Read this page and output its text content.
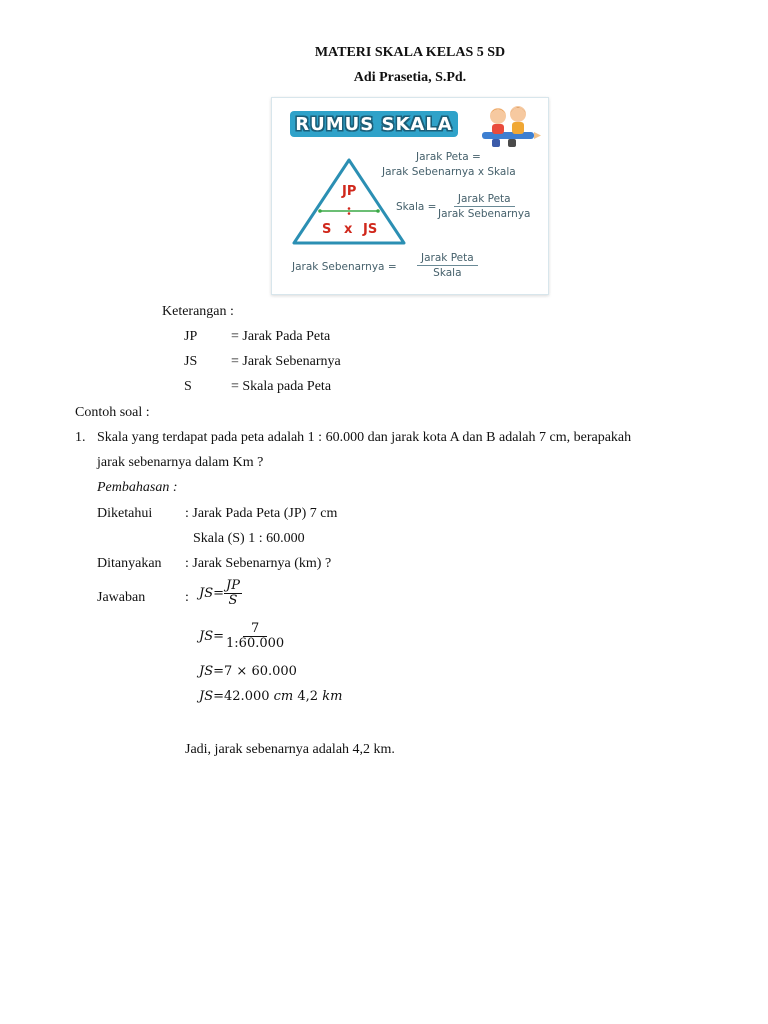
MATERI SKALA KELAS 5 SD
Adi Prasetia, S.Pd.
RUMUS SKALA
JP
S x JS
Jarak Peta =
Jarak Sebenarnya x Skala
Skala =
Jarak Peta
Jarak Sebenarnya
Jarak Sebenarnya =
Jarak Peta
Skala
Keterangan :
JP = Jarak Pada Peta
JS = Jarak Sebenarnya
S	= Skala pada Peta
Contoh soal :
1. Skala yang terdapat pada peta adalah 1 : 60.000 dan jarak kota A dan B adalah 7 cm, berapakah
jarak sebenarnya dalam Km ?
Pembahasan :
Diketahui : Jarak Pada Peta (JP) 7 cm
Skala (S) 1 : 60.000
Ditanyakan : Jarak Sebenarnya (km) ?
Jawaban	: $JS= \frac{JP}{S}$
$JS= \frac{7}{1:60.000}$
JS=7 × 60.000
JS=42.000 cm 4,2 km
Jadi, jarak sebenarnya adalah 4,2 km.
